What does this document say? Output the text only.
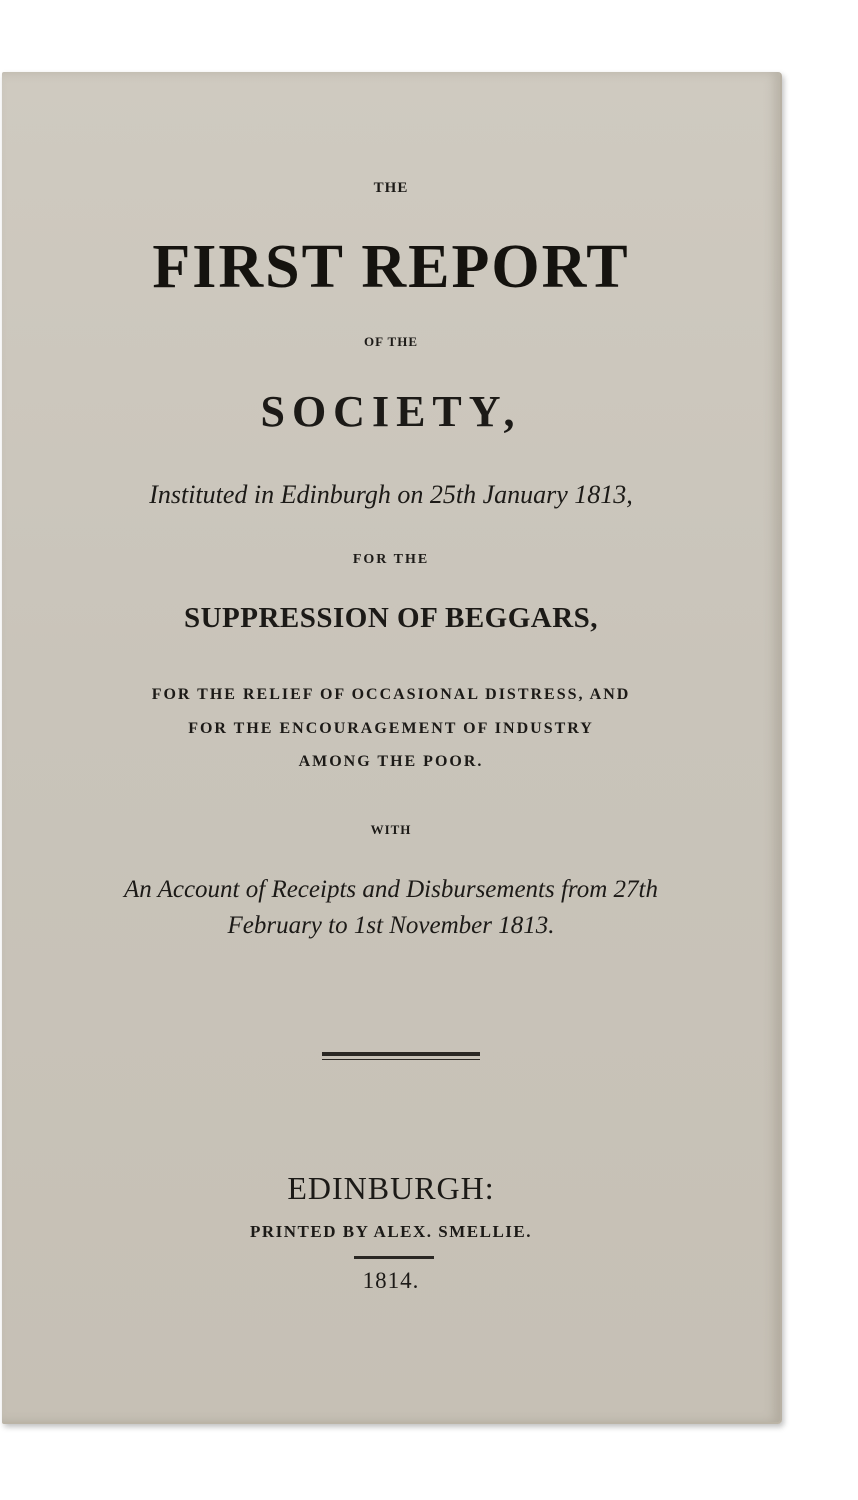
THE
FIRST REPORT
OF THE
SOCIETY,
Instituted in Edinburgh on 25th January 1813,
FOR THE
SUPPRESSION OF BEGGARS,
FOR THE RELIEF OF OCCASIONAL DISTRESS, AND
FOR THE ENCOURAGEMENT OF INDUSTRY
AMONG THE POOR.
WITH
An Account of Receipts and Disbursements from 27th
February to 1st November 1813.
EDINBURGH:
PRINTED BY ALEX. SMELLIE.
1814.
